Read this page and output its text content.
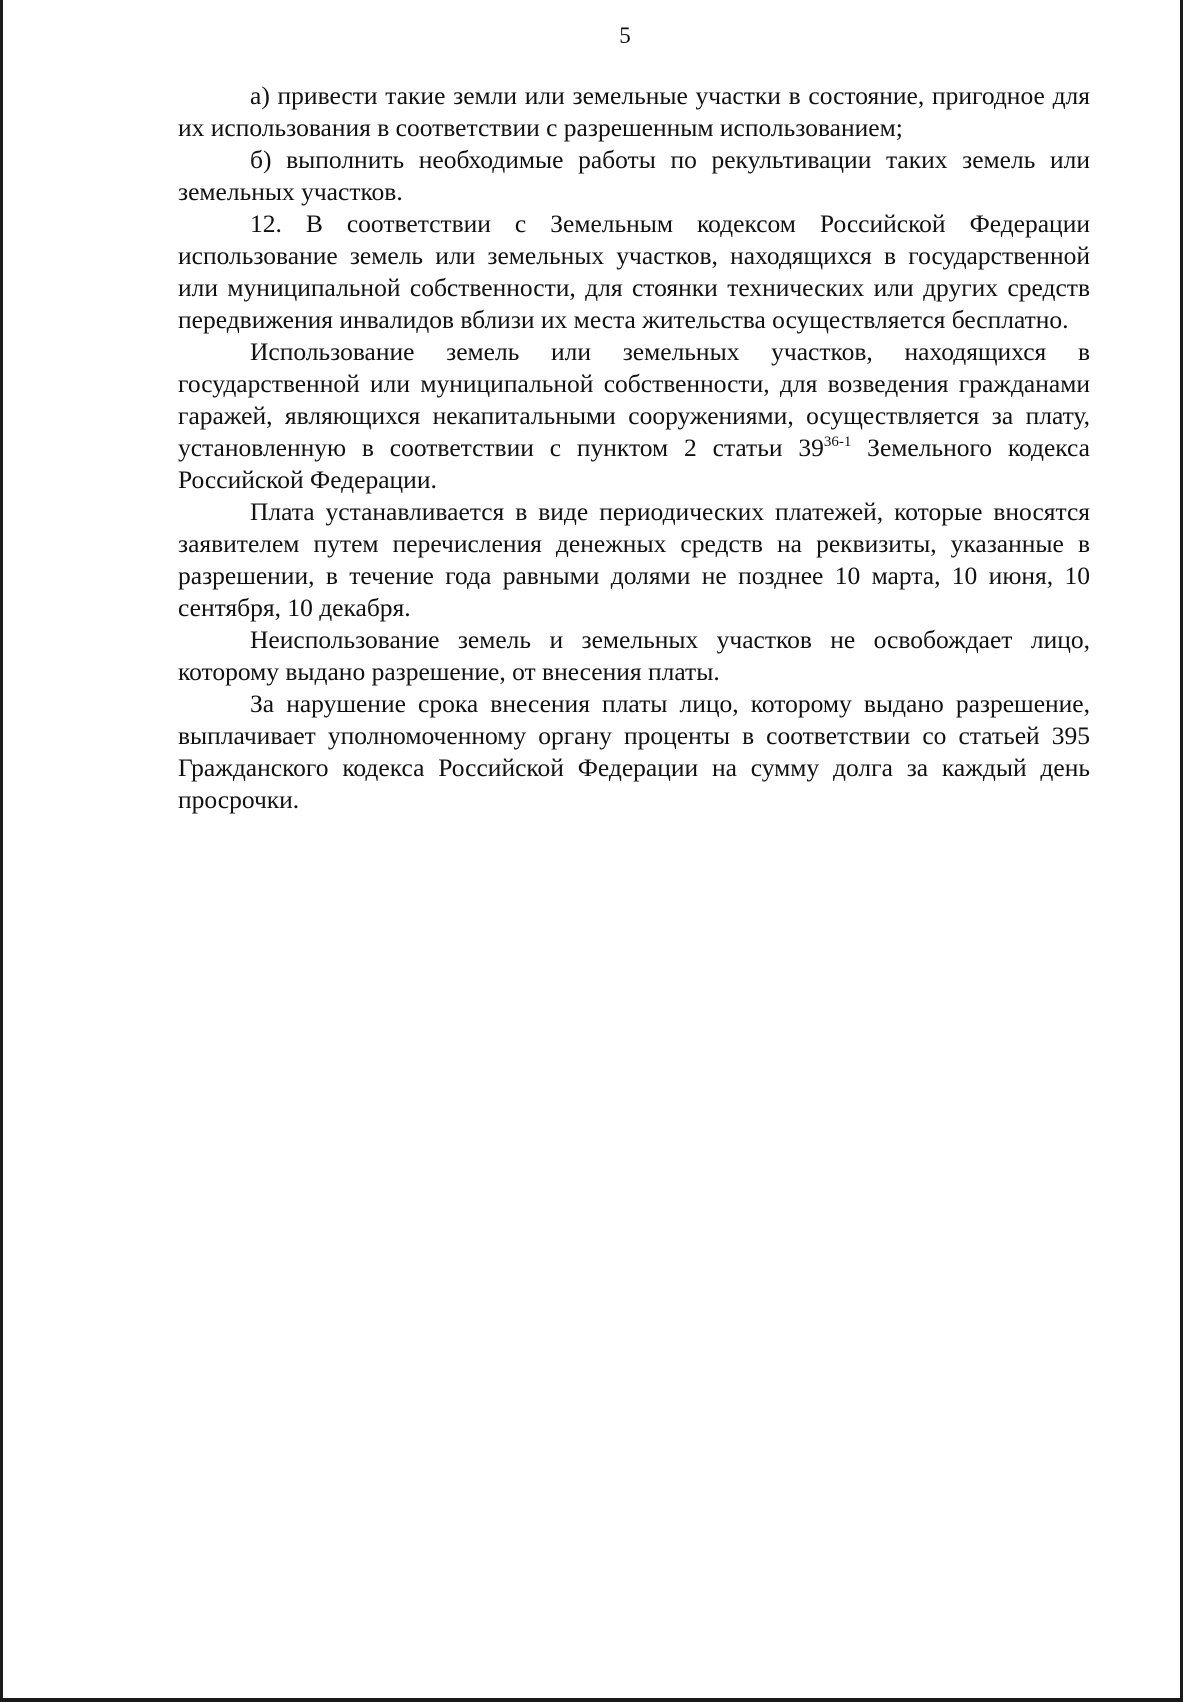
5

а) привести такие земли или земельные участки в состояние, пригодное для их использования в соответствии с разрешенным использованием;

б) выполнить необходимые работы по рекультивации таких земель или земельных участков.

12. В соответствии с Земельным кодексом Российской Федерации использование земель или земельных участков, находящихся в государственной или муниципальной собственности, для стоянки технических или других средств передвижения инвалидов вблизи их места жительства осуществляется бесплатно.

Использование земель или земельных участков, находящихся в государственной или муниципальной собственности, для возведения гражданами гаражей, являющихся некапитальными сооружениями, осуществляется за плату, установленную в соответствии с пунктом 2 статьи 39$^{36-1}$ Земельного кодекса Российской Федерации.

Плата устанавливается в виде периодических платежей, которые вносятся заявителем путем перечисления денежных средств на реквизиты, указанные в разрешении, в течение года равными долями не позднее 10 марта, 10 июня, 10 сентября, 10 декабря.

Неиспользование земель и земельных участков не освобождает лицо, которому выдано разрешение, от внесения платы.

За нарушение срока внесения платы лицо, которому выдано разрешение, выплачивает уполномоченному органу проценты в соответствии со статьей 395 Гражданского кодекса Российской Федерации на сумму долга за каждый день просрочки.
